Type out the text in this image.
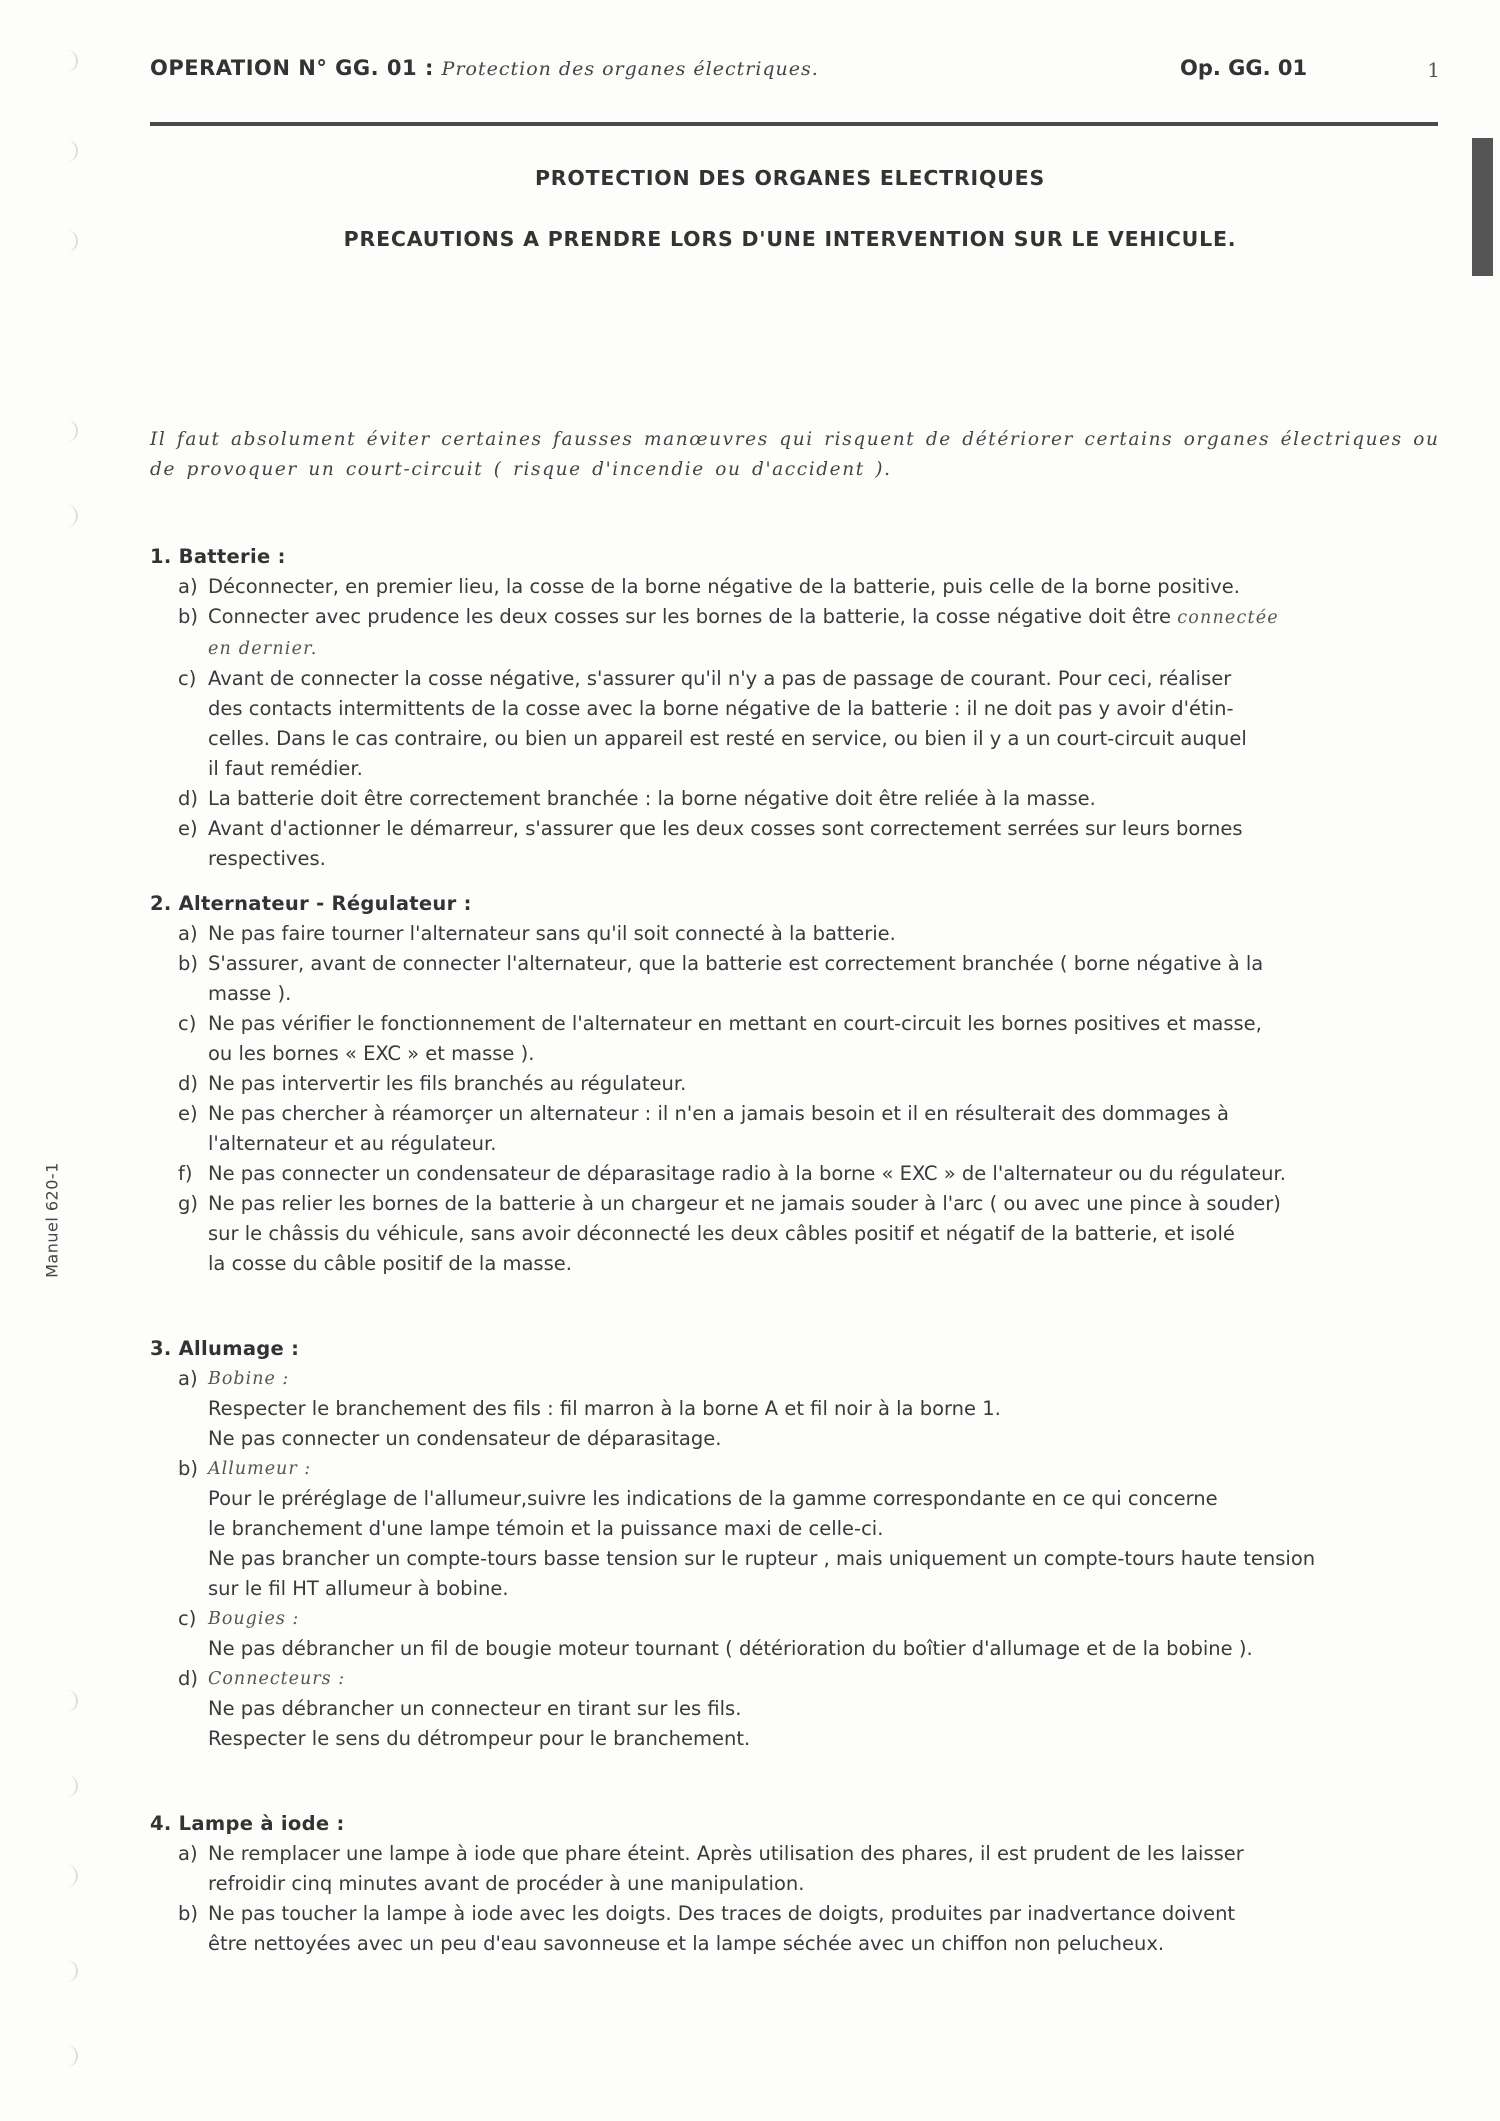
OPERATION N° GG. 01 : Protection des organes électriques.	Op. GG. 01	1
PROTECTION DES ORGANES ELECTRIQUES
PRECAUTIONS A PRENDRE LORS D'UNE INTERVENTION SUR LE VEHICULE.

Il faut absolument éviter certaines fausses manœuvres qui risquent de détériorer certains organes électriques ou

de provoquer un court-circuit ( risque d'incendie ou d'accident ).

Manuel 620-1
1. Batterie :
a) Déconnecter, en premier lieu, la cosse de la borne négative de la batterie, puis celle de la borne positive.

b) Connecter avec prudence les deux cosses sur les bornes de la batterie, la cosse négative doit être connectée

en dernier.

c) Avant de connecter la cosse négative, s'assurer qu'il n'y a pas de passage de courant. Pour ceci, réaliser

des contacts intermittents de la cosse avec la borne négative de la batterie : il ne doit pas y avoir d'étin-

celles. Dans le cas contraire, ou bien un appareil est resté en service, ou bien il y a un court-circuit auquel

il faut remédier.

d) La batterie doit être correctement branchée : la borne négative doit être reliée à la masse.

e) Avant d'actionner le démarreur, s'assurer que les deux cosses sont correctement serrées sur leurs bornes

respectives.

2. Alternateur - Régulateur :
a) Ne pas faire tourner l'alternateur sans qu'il soit connecté à la batterie.

b) S'assurer, avant de connecter l'alternateur, que la batterie est correctement branchée ( borne négative à la

masse ).

c) Ne pas vérifier le fonctionnement de l'alternateur en mettant en court-circuit les bornes positives et masse,

ou les bornes « EXC » et masse ).

d) Ne pas intervertir les fils branchés au régulateur.

e) Ne pas chercher à réamorçer un alternateur : il n'en a jamais besoin et il en résulterait des dommages à

l'alternateur et au régulateur.

f) Ne pas connecter un condensateur de déparasitage radio à la borne « EXC » de l'alternateur ou du régulateur.

g) Ne pas relier les bornes de la batterie à un chargeur et ne jamais souder à l'arc ( ou avec une pince à souder)

sur le châssis du véhicule, sans avoir déconnecté les deux câbles positif et négatif de la batterie, et isolé

la cosse du câble positif de la masse.

3. Allumage :
a) Bobine :

Respecter le branchement des fils : fil marron à la borne A et fil noir à la borne 1.

Ne pas connecter un condensateur de déparasitage.

b) Allumeur :

Pour le préréglage de l'allumeur,suivre les indications de la gamme correspondante en ce qui concerne

le branchement d'une lampe témoin et la puissance maxi de celle-ci.

Ne pas brancher un compte-tours basse tension sur le rupteur , mais uniquement un compte-tours haute tension

sur le fil HT allumeur à bobine.

c) Bougies :

Ne pas débrancher un fil de bougie moteur tournant ( détérioration du boîtier d'allumage et de la bobine ).

d) Connecteurs :

Ne pas débrancher un connecteur en tirant sur les fils.

Respecter le sens du détrompeur pour le branchement.

4. Lampe à iode :
a) Ne remplacer une lampe à iode que phare éteint. Après utilisation des phares, il est prudent de les laisser

refroidir cinq minutes avant de procéder à une manipulation.

b) Ne pas toucher la lampe à iode avec les doigts. Des traces de doigts, produites par inadvertance doivent

être nettoyées avec un peu d'eau savonneuse et la lampe séchée avec un chiffon non pelucheux.
